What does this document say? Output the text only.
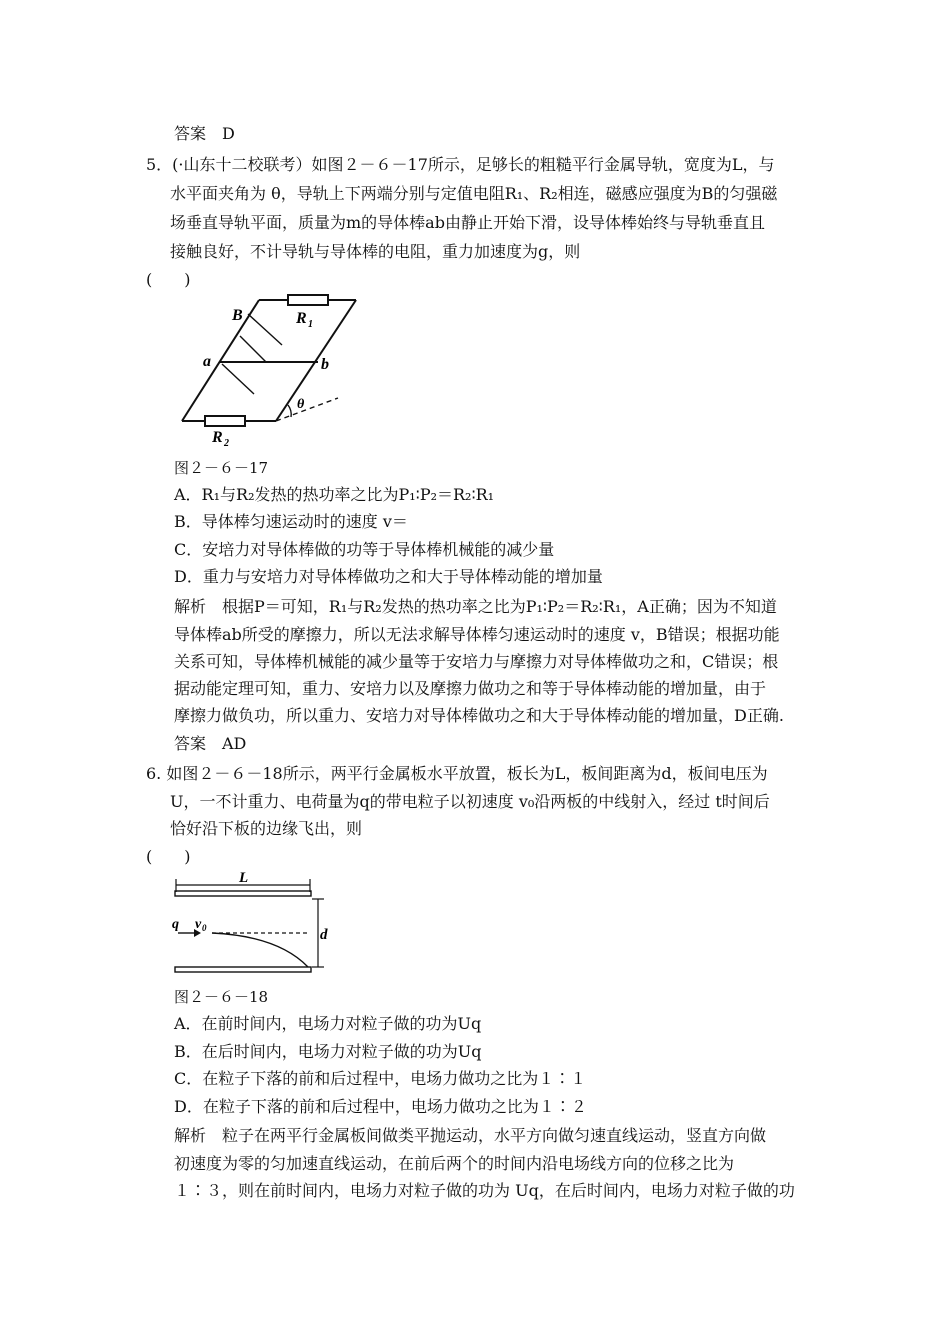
答案　D
5．(·山东十二校联考）如图２－６－17所示，足够长的粗糙平行金属导轨，宽度为L，与
水平面夹角为 θ，导轨上下两端分别与定值电阻R₁、R₂相连，磁感应强度为B的匀强磁
场垂直导轨平面，质量为m的导体棒ab由静止开始下滑，设导体棒始终与导轨垂直且
接触良好，不计导轨与导体棒的电阻，重力加速度为g，则
(　　)
B	R 1
R 2
a	b
θ
图２－６－17
A．R₁与R₂发热的热功率之比为P₁∶P₂＝R₂∶R₁
B．导体棒匀速运动时的速度 v＝
C．安培力对导体棒做的功等于导体棒机械能的减少量
D．重力与安培力对导体棒做功之和大于导体棒动能的增加量
解析　根据P＝可知，R₁与R₂发热的热功率之比为P₁∶P₂＝R₂∶R₁，A正确；因为不知道
导体棒ab所受的摩擦力，所以无法求解导体棒匀速运动时的速度 v，B错误；根据功能
关系可知，导体棒机械能的减少量等于安培力与摩擦力对导体棒做功之和，C错误；根
据动能定理可知，重力、安培力以及摩擦力做功之和等于导体棒动能的增加量，由于
摩擦力做负功，所以重力、安培力对导体棒做功之和大于导体棒动能的增加量，D正确.
答案　AD
6. 如图２－６－18所示，两平行金属板水平放置，板长为L，板间距离为d，板间电压为
U，一不计重力、电荷量为q的带电粒子以初速度 v₀沿两板的中线射入，经过 t时间后
恰好沿下板的边缘飞出，则
(　　)
L
d
q v 0
图２－６－18
A．在前时间内，电场力对粒子做的功为Uq
B．在后时间内，电场力对粒子做的功为Uq
C．在粒子下落的前和后过程中，电场力做功之比为１∶１
D．在粒子下落的前和后过程中，电场力做功之比为１∶２
解析　粒子在两平行金属板间做类平抛运动，水平方向做匀速直线运动，竖直方向做
初速度为零的匀加速直线运动，在前后两个的时间内沿电场线方向的位移之比为
１∶３，则在前时间内，电场力对粒子做的功为 Uq，在后时间内，电场力对粒子做的功
